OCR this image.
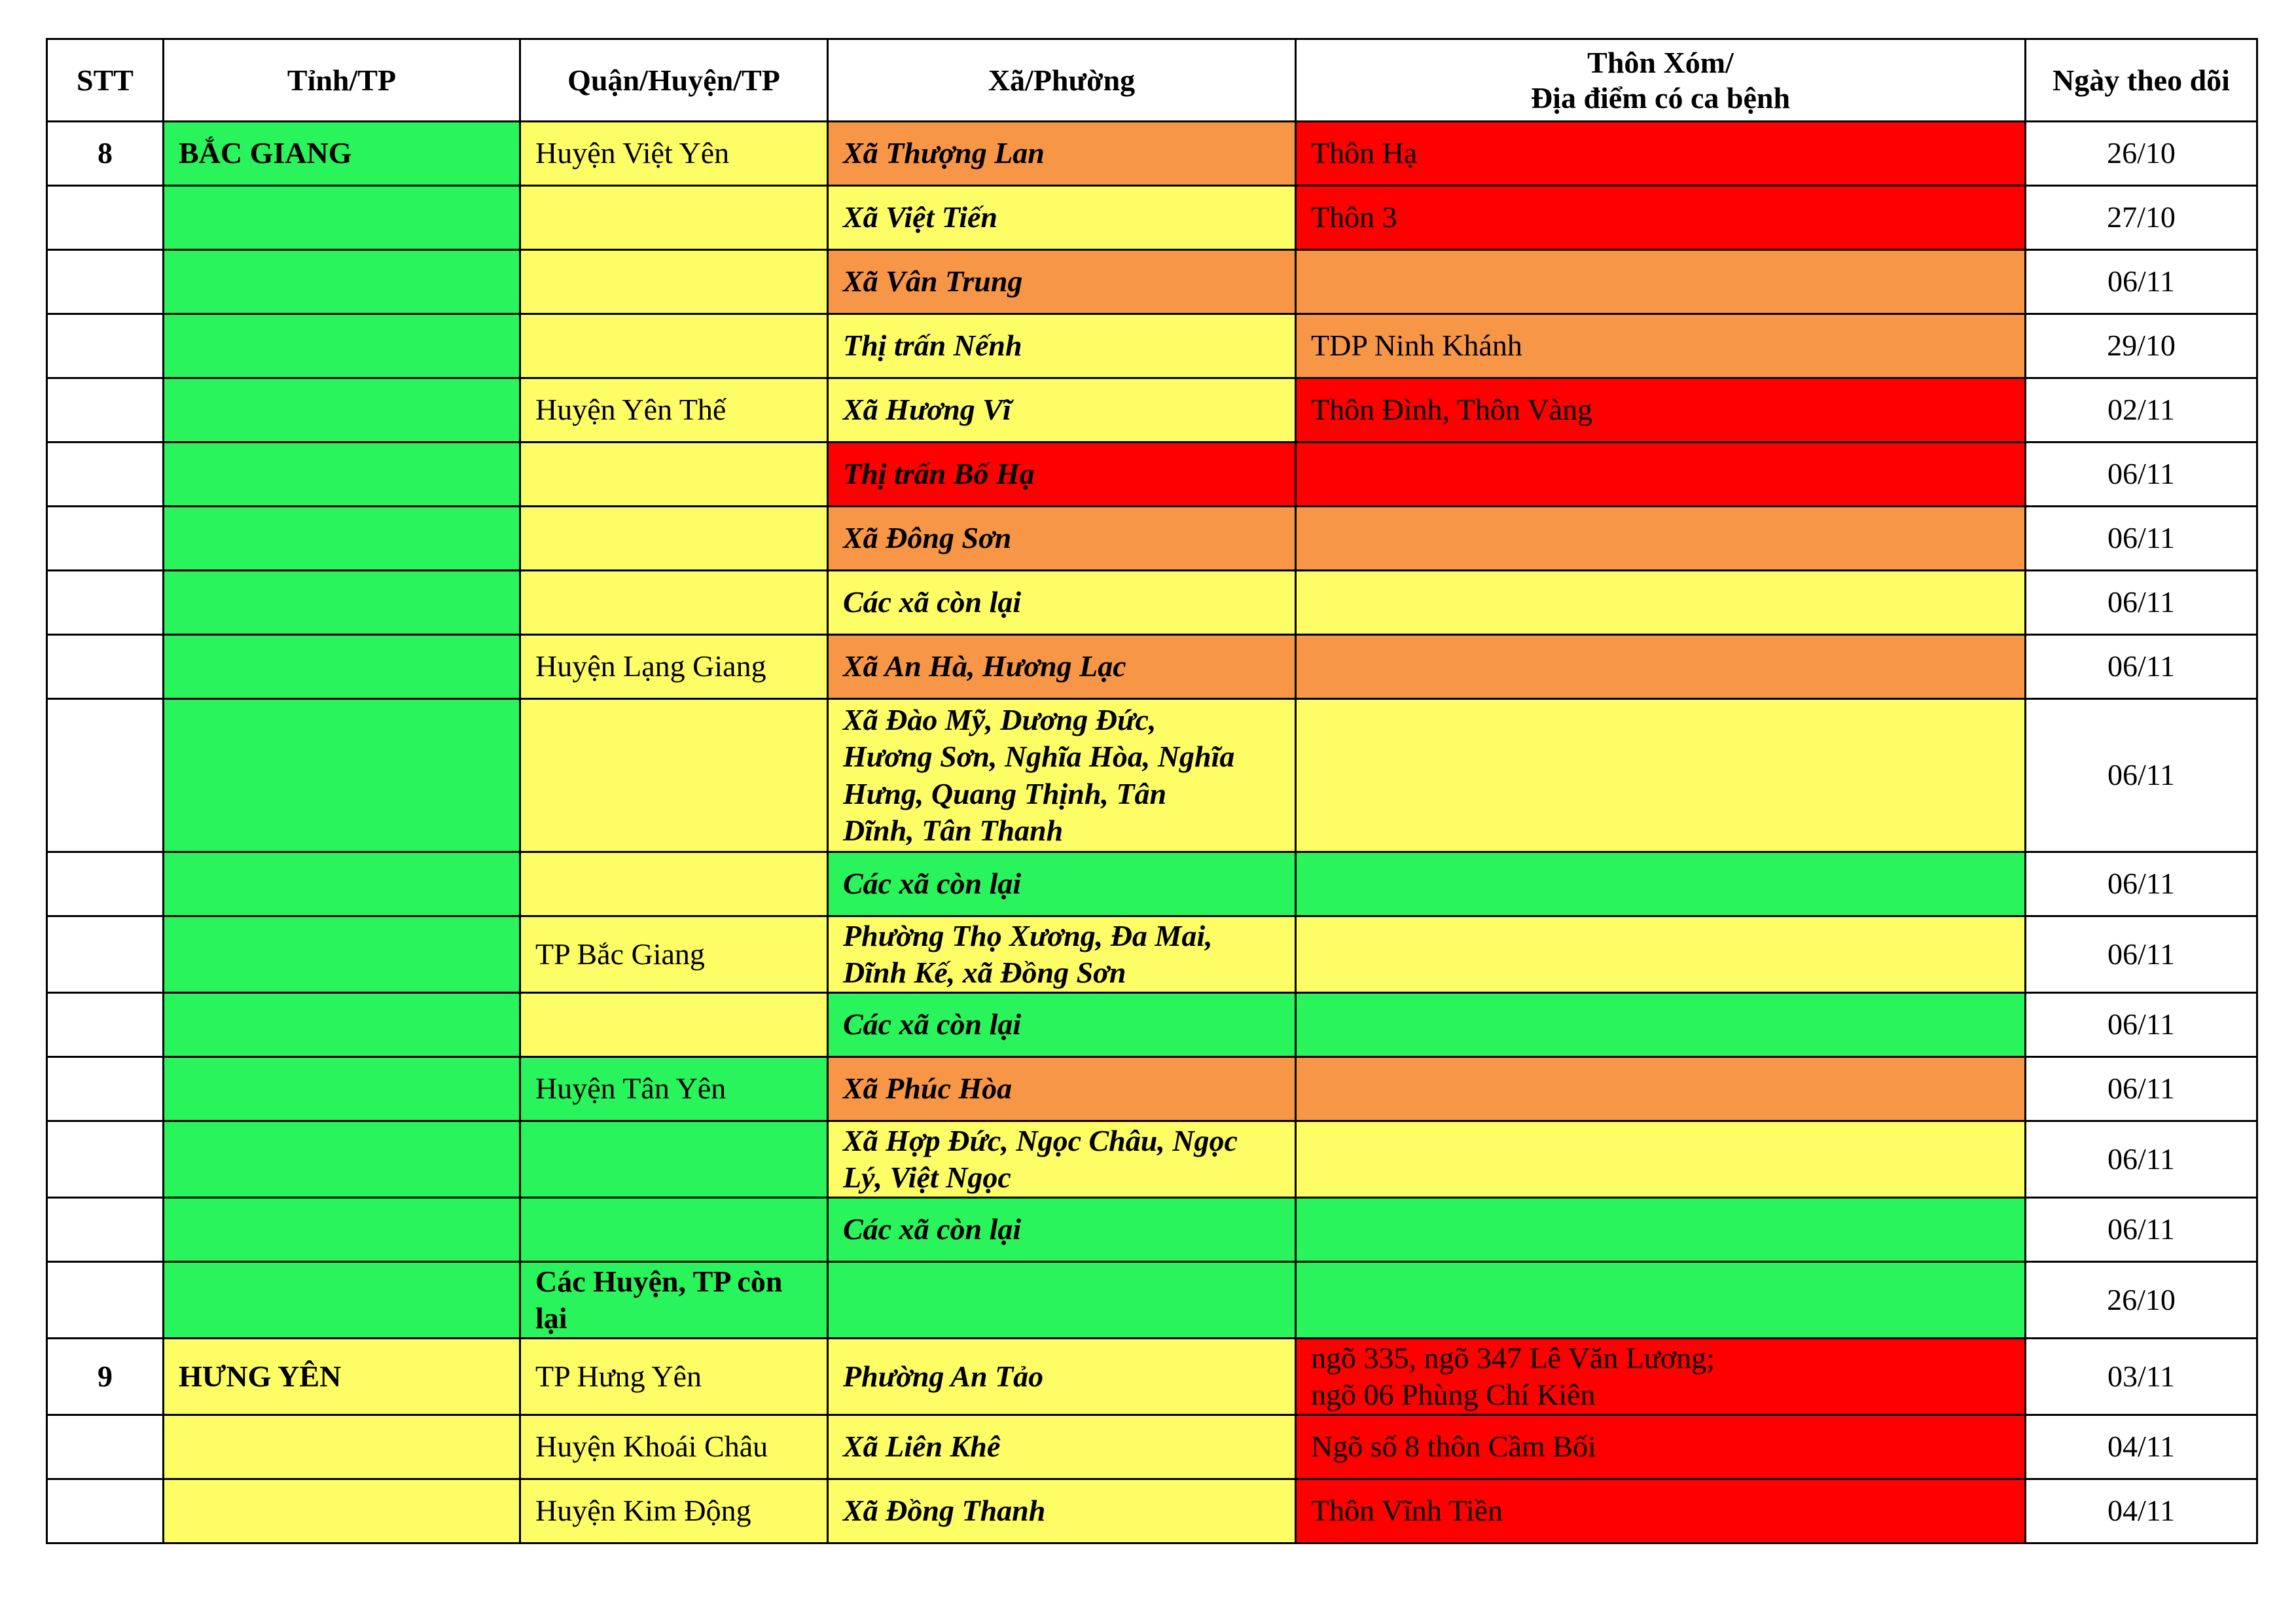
STT	Tỉnh/TP	Quận/Huyện/TP	Xã/Phường	Thôn Xóm/
Địa điểm có ca bệnh	Ngày theo dõi
8	BẮC GIANG	Huyện Việt Yên	Xã Thượng Lan	Thôn Hạ	26/10
			Xã Việt Tiến	Thôn 3	27/10
			Xã Vân Trung		06/11
			Thị trấn Nếnh	TDP Ninh Khánh	29/10
		Huyện Yên Thế	Xã Hương Vĩ	Thôn Đình, Thôn Vàng	02/11
			Thị trấn Bố Hạ		06/11
			Xã Đông Sơn		06/11
			Các xã còn lại		06/11
		Huyện Lạng Giang	Xã An Hà, Hương Lạc		06/11

			Xã Đào Mỹ, Dương Đức,
Hương Sơn, Nghĩa Hòa, Nghĩa
Hưng, Quang Thịnh, Tân
Dĩnh, Tân Thanh		06/11
			Các xã còn lại		06/11
		TP Bắc Giang	Phường Thọ Xương, Đa Mai,
Dĩnh Kế, xã Đồng Sơn		06/11
			Các xã còn lại		06/11
		Huyện Tân Yên	Xã Phúc Hòa		06/11

			Xã Hợp Đức, Ngọc Châu, Ngọc
Lý, Việt Ngọc		06/11
			Các xã còn lại		06/11

		Các Huyện, TP còn
lại			26/10
9	HƯNG YÊN	TP Hưng Yên	Phường An Tảo	ngõ 335, ngõ 347 Lê Văn Lương;
ngõ 06 Phùng Chí Kiên	03/11
		Huyện Khoái Châu	Xã Liên Khê	Ngõ số 8 thôn Cầm Bối	04/11
		Huyện Kim Động	Xã Đồng Thanh	Thôn Vĩnh Tiền	04/11
